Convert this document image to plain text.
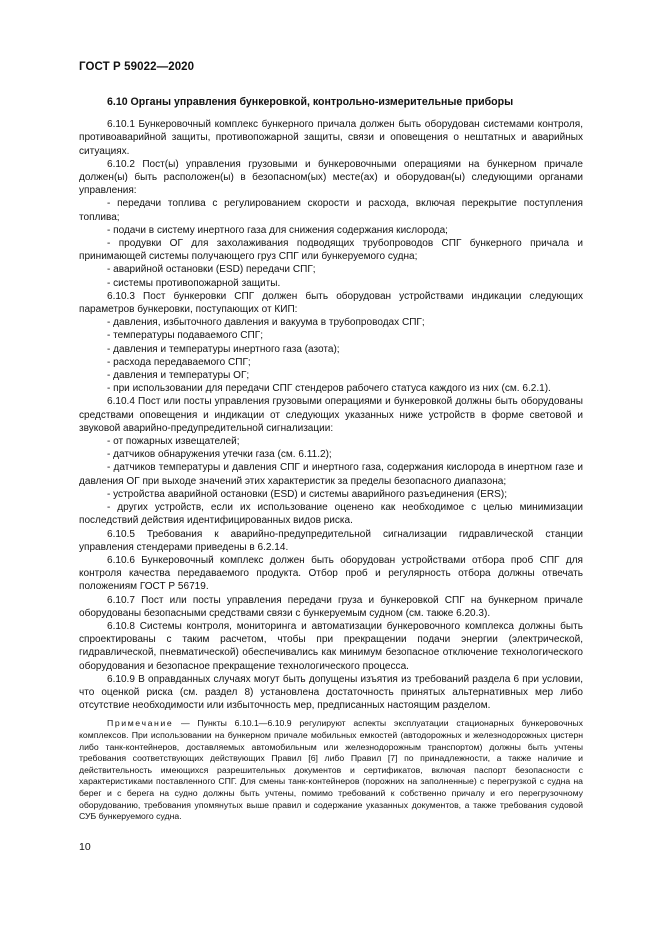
ГОСТ Р 59022—2020
6.10 Органы управления бункеровкой, контрольно-измерительные приборы
6.10.1 Бункеровочный комплекс бункерного причала должен быть оборудован системами контроля, противоаварийной защиты, противопожарной защиты, связи и оповещения о нештатных и аварийных ситуациях.
6.10.2 Пост(ы) управления грузовыми и бункеровочными операциями на бункерном причале должен(ы) быть расположен(ы) в безопасном(ых) месте(ах) и оборудован(ы) следующими органами управления:
- передачи топлива с регулированием скорости и расхода, включая перекрытие поступления топлива;
- подачи в систему инертного газа для снижения содержания кислорода;
- продувки ОГ для захолаживания подводящих трубопроводов СПГ бункерного причала и принимающей системы получающего груз СПГ или бункеруемого судна;
- аварийной остановки (ESD) передачи СПГ;
- системы противопожарной защиты.
6.10.3 Пост бункеровки СПГ должен быть оборудован устройствами индикации следующих параметров бункеровки, поступающих от КИП:
- давления, избыточного давления и вакуума в трубопроводах СПГ;
- температуры подаваемого СПГ;
- давления и температуры инертного газа (азота);
- расхода передаваемого СПГ;
- давления и температуры ОГ;
- при использовании для передачи СПГ стендеров рабочего статуса каждого из них (см. 6.2.1).
6.10.4 Пост или посты управления грузовыми операциями и бункеровкой должны быть оборудованы средствами оповещения и индикации от следующих указанных ниже устройств в форме световой и звуковой аварийно-предупредительной сигнализации:
- от пожарных извещателей;
- датчиков обнаружения утечки газа (см. 6.11.2);
- датчиков температуры и давления СПГ и инертного газа, содержания кислорода в инертном газе и давления ОГ при выходе значений этих характеристик за пределы безопасного диапазона;
- устройства аварийной остановки (ESD) и системы аварийного разъединения (ERS);
- других устройств, если их использование оценено как необходимое с целью минимизации последствий действия идентифицированных видов риска.
6.10.5 Требования к аварийно-предупредительной сигнализации гидравлической станции управления стендерами приведены в 6.2.14.
6.10.6 Бункеровочный комплекс должен быть оборудован устройствами отбора проб СПГ для контроля качества передаваемого продукта. Отбор проб и регулярность отбора должны отвечать положениям ГОСТ Р 56719.
6.10.7 Пост или посты управления передачи груза и бункеровкой СПГ на бункерном причале оборудованы безопасными средствами связи с бункеруемым судном (см. также 6.20.3).
6.10.8 Системы контроля, мониторинга и автоматизации бункеровочного комплекса должны быть спроектированы с таким расчетом, чтобы при прекращении подачи энергии (электрической, гидравлической, пневматической) обеспечивались как минимум безопасное отключение технологического оборудования и безопасное прекращение технологического процесса.
6.10.9 В оправданных случаях могут быть допущены изъятия из требований раздела 6 при условии, что оценкой риска (см. раздел 8) установлена достаточность принятых альтернативных мер либо отсутствие необходимости или избыточность мер, предписанных настоящим разделом.
Примечание — Пункты 6.10.1—6.10.9 регулируют аспекты эксплуатации стационарных бункеровочных комплексов. При использовании на бункерном причале мобильных емкостей (автодорожных и железнодорожных цистерн либо танк-контейнеров, доставляемых автомобильным или железнодорожным транспортом) должны быть учтены требования соответствующих действующих Правил [6] либо Правил [7] по принадлежности, а также наличие и действительность имеющихся разрешительных документов и сертификатов, включая паспорт безопасности с характеристиками поставленного СПГ. Для смены танк-контейнеров (порожних на заполненные) с перегрузкой с судна на берег и с берега на судно должны быть учтены, помимо требований к собственно причалу и его перегрузочному оборудованию, требования упомянутых выше правил и содержание указанных документов, а также требования судовой СУБ бункеруемого судна.
10
